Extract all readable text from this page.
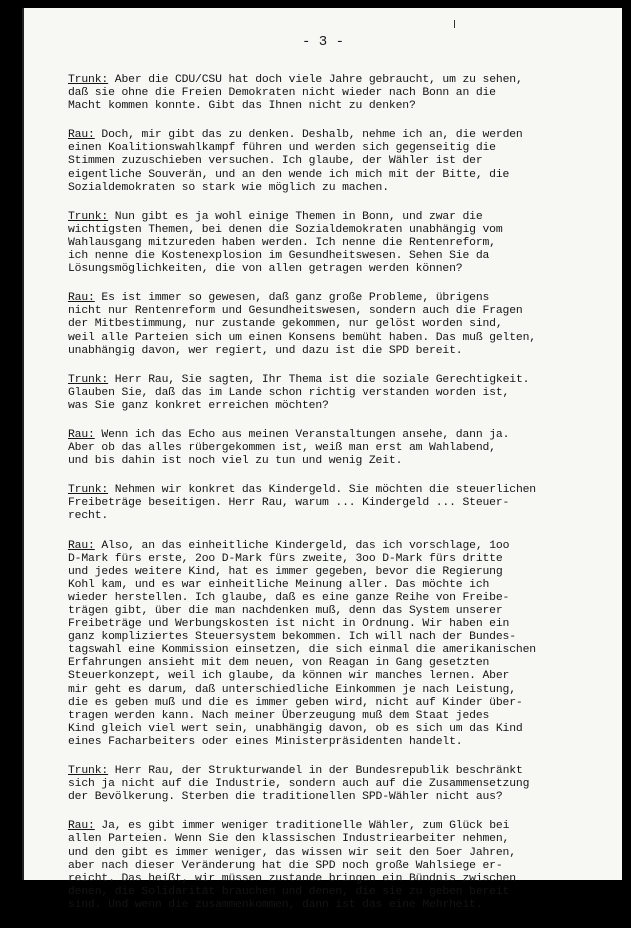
- 3 -

Trunk: Aber die CDU/CSU hat doch viele Jahre gebraucht, um zu sehen,
daß sie ohne die Freien Demokraten nicht wieder nach Bonn an die
Macht kommen konnte. Gibt das Ihnen nicht zu denken?

Rau: Doch, mir gibt das zu denken. Deshalb, nehme ich an, die werden
einen Koalitionswahlkampf führen und werden sich gegenseitig die
Stimmen zuzuschieben versuchen. Ich glaube, der Wähler ist der
eigentliche Souverän, und an den wende ich mich mit der Bitte, die
Sozialdemokraten so stark wie möglich zu machen.

Trunk: Nun gibt es ja wohl einige Themen in Bonn, und zwar die
wichtigsten Themen, bei denen die Sozialdemokraten unabhängig vom
Wahlausgang mitzureden haben werden. Ich nenne die Rentenreform,
ich nenne die Kostenexplosion im Gesundheitswesen. Sehen Sie da
Lösungsmöglichkeiten, die von allen getragen werden können?

Rau: Es ist immer so gewesen, daß ganz große Probleme, übrigens
nicht nur Rentenreform und Gesundheitswesen, sondern auch die Fragen
der Mitbestimmung, nur zustande gekommen, nur gelöst worden sind,
weil alle Parteien sich um einen Konsens bemüht haben. Das muß gelten,
unabhängig davon, wer regiert, und dazu ist die SPD bereit.

Trunk: Herr Rau, Sie sagten, Ihr Thema ist die soziale Gerechtigkeit.
Glauben Sie, daß das im Lande schon richtig verstanden worden ist,
was Sie ganz konkret erreichen möchten?

Rau: Wenn ich das Echo aus meinen Veranstaltungen ansehe, dann ja.
Aber ob das alles rübergekommen ist, weiß man erst am Wahlabend,
und bis dahin ist noch viel zu tun und wenig Zeit.

Trunk: Nehmen wir konkret das Kindergeld. Sie möchten die steuerlichen
Freibeträge beseitigen. Herr Rau, warum ... Kindergeld ... Steuer-
recht.

Rau: Also, an das einheitliche Kindergeld, das ich vorschlage, 1oo
D-Mark fürs erste, 2oo D-Mark fürs zweite, 3oo D-Mark fürs dritte
und jedes weitere Kind, hat es immer gegeben, bevor die Regierung
Kohl kam, und es war einheitliche Meinung aller. Das möchte ich
wieder herstellen. Ich glaube, daß es eine ganze Reihe von Freibe-
trägen gibt, über die man nachdenken muß, denn das System unserer
Freibeträge und Werbungskosten ist nicht in Ordnung. Wir haben ein
ganz kompliziertes Steuersystem bekommen. Ich will nach der Bundes-
tagswahl eine Kommission einsetzen, die sich einmal die amerikanischen
Erfahrungen ansieht mit dem neuen, von Reagan in Gang gesetzten
Steuerkonzept, weil ich glaube, da können wir manches lernen. Aber
mir geht es darum, daß unterschiedliche Einkommen je nach Leistung,
die es geben muß und die es immer geben wird, nicht auf Kinder über-
tragen werden kann. Nach meiner Überzeugung muß dem Staat jedes
Kind gleich viel wert sein, unabhängig davon, ob es sich um das Kind
eines Facharbeiters oder eines Ministerpräsidenten handelt.

Trunk: Herr Rau, der Strukturwandel in der Bundesrepublik beschränkt
sich ja nicht auf die Industrie, sondern auch auf die Zusammensetzung
der Bevölkerung. Sterben die traditionellen SPD-Wähler nicht aus?

Rau: Ja, es gibt immer weniger traditionelle Wähler, zum Glück bei
allen Parteien. Wenn Sie den klassischen Industriearbeiter nehmen,
und den gibt es immer weniger, das wissen wir seit den 5oer Jahren,
aber nach dieser Veränderung hat die SPD noch große Wahlsiege er-
reicht. Das heißt, wir müssen zustande bringen ein Bündnis zwischen
denen, die Solidarität brauchen und denen, die sie zu geben bereit
sind. Und wenn die zusammenkommen, dann ist das eine Mehrheit.
